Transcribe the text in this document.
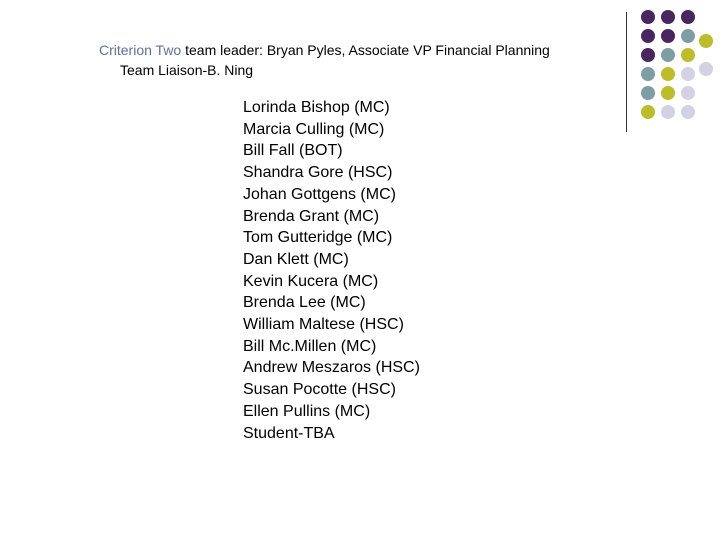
Criterion Two team leader: Bryan Pyles, Associate VP Financial Planning
Team Liaison-B. Ning
Lorinda Bishop (MC)
Marcia Culling (MC)
Bill Fall (BOT)
Shandra Gore (HSC)
Johan Gottgens (MC)
Brenda Grant (MC)
Tom Gutteridge (MC)
Dan Klett (MC)
Kevin Kucera (MC)
Brenda Lee (MC)
William Maltese (HSC)
Bill Mc.Millen (MC)
Andrew Meszaros (HSC)
Susan Pocotte (HSC)
Ellen Pullins (MC)
Student-TBA
